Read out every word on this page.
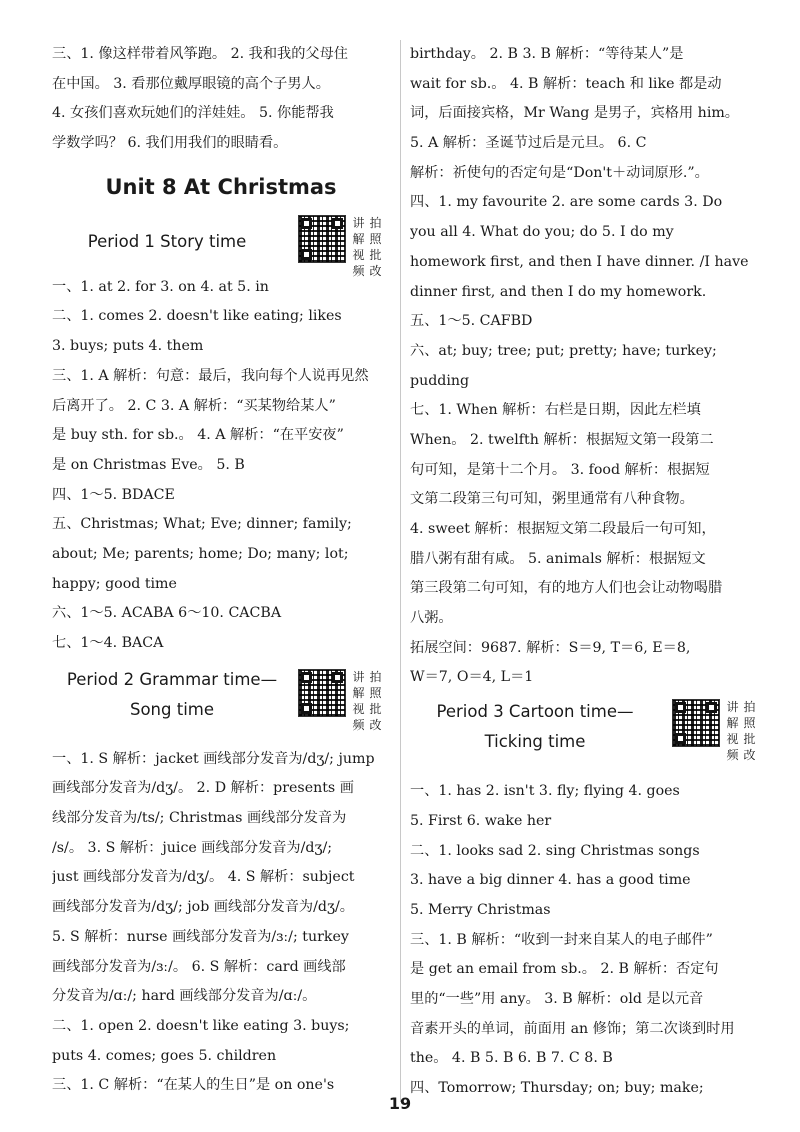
三、1. 像这样带着风筝跑。 2. 我和我的父母住
在中国。 3. 看那位戴厚眼镜的高个子男人。
4. 女孩们喜欢玩她们的洋娃娃。 5. 你能帮我
学数学吗？ 6. 我们用我们的眼睛看。
Unit 8 At Christmas
Period 1 Story time
讲 拍
解 照
视 批
频 改
一、1. at 2. for 3. on 4. at 5. in
二、1. comes 2. doesn't like eating; likes
3. buys; puts 4. them
三、1. A 解析：句意：最后，我向每个人说再见然
后离开了。 2. C 3. A 解析：“买某物给某人”
是 buy sth. for sb.。 4. A 解析：“在平安夜”
是 on Christmas Eve。 5. B
四、1～5. BDACE
五、Christmas; What; Eve; dinner; family;
about; Me; parents; home; Do; many; lot;
happy; good time
六、1～5. ACABA 6～10. CACBA
七、1～4. BACA
Period 2 Grammar time—
Song time
讲 拍
解 照
视 批
频 改
一、1. S 解析：jacket 画线部分发音为/dʒ/; jump
画线部分发音为/dʒ/。 2. D 解析：presents 画
线部分发音为/ts/; Christmas 画线部分发音为
/s/。 3. S 解析：juice 画线部分发音为/dʒ/;
just 画线部分发音为/dʒ/。 4. S 解析：subject
画线部分发音为/dʒ/; job 画线部分发音为/dʒ/。
5. S 解析：nurse 画线部分发音为/ɜː/; turkey
画线部分发音为/ɜː/。 6. S 解析：card 画线部
分发音为/ɑː/; hard 画线部分发音为/ɑː/。
二、1. open 2. doesn't like eating 3. buys;
puts 4. comes; goes 5. children
三、1. C 解析：“在某人的生日”是 on one's
birthday。 2. B 3. B 解析：“等待某人”是
wait for sb.。 4. B 解析：teach 和 like 都是动
词，后面接宾格，Mr Wang 是男子，宾格用 him。
5. A 解析：圣诞节过后是元旦。 6. C
解析：祈使句的否定句是“Don't＋动词原形.”。
四、1. my favourite 2. are some cards 3. Do
you all 4. What do you; do 5. I do my
homework first, and then I have dinner. /I have
dinner first, and then I do my homework.
五、1～5. CAFBD
六、at; buy; tree; put; pretty; have; turkey;
pudding
七、1. When 解析：右栏是日期，因此左栏填
When。 2. twelfth 解析：根据短文第一段第二
句可知，是第十二个月。 3. food 解析：根据短
文第二段第三句可知，粥里通常有八种食物。
4. sweet 解析：根据短文第二段最后一句可知，
腊八粥有甜有咸。 5. animals 解析：根据短文
第三段第二句可知，有的地方人们也会让动物喝腊
八粥。
拓展空间：9687. 解析：S＝9, T＝6, E＝8,
W＝7, O＝4, L＝1
Period 3 Cartoon time—
Ticking time
讲 拍
解 照
视 批
频 改
一、1. has 2. isn't 3. fly; flying 4. goes
5. First 6. wake her
二、1. looks sad 2. sing Christmas songs
3. have a big dinner 4. has a good time
5. Merry Christmas
三、1. B 解析：“收到一封来自某人的电子邮件”
是 get an email from sb.。 2. B 解析：否定句
里的“一些”用 any。 3. B 解析：old 是以元音
音素开头的单词，前面用 an 修饰；第二次谈到时用
the。 4. B 5. B 6. B 7. C 8. B
四、Tomorrow; Thursday; on; buy; make;
19
